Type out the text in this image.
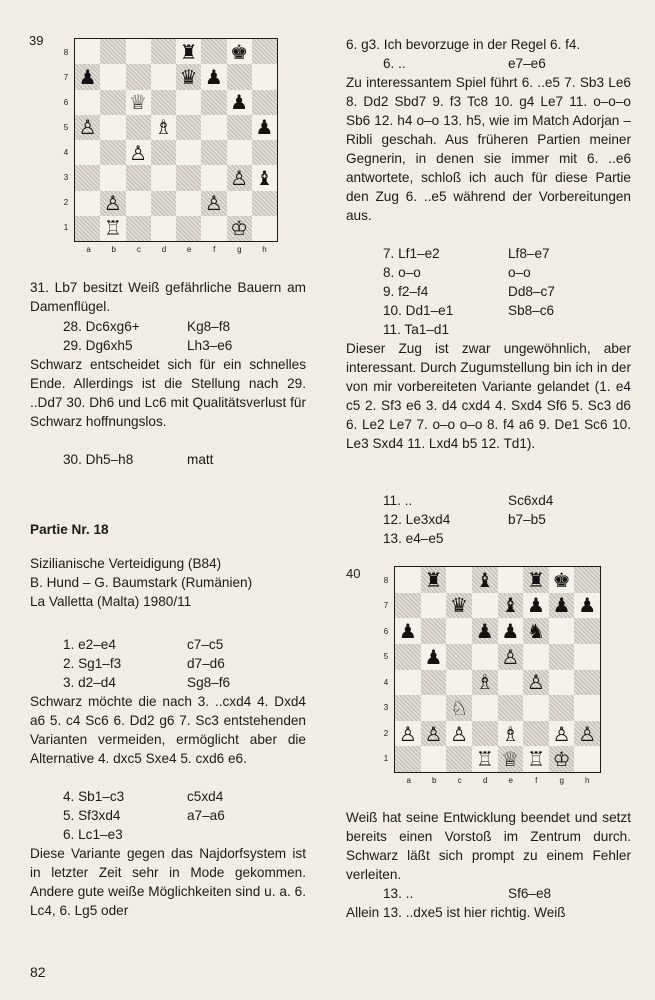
39	♜ ♚
♟	♛ ♟
♕	♟
♙	♗	♟
♙
♙ ♝
♙	♙
♖	♔
8
7
6
5
4
3
2
1
a	b	c	d	e	f	g	h

31. Lb7 besitzt Weiß gefährliche Bauern am Damenflügel.

28. Dc6xg6+	Kg8–f8
29. Dg6xh5	Lh3–e6

Schwarz entscheidet sich für ein schnelles Ende. Allerdings ist die Stellung nach 29. ..Dd7 30. Dh6 und Lc6 mit Qualitätsverlust für Schwarz hoffnungslos.

30. Dh5–h8	matt
Partie Nr. 18
Sizilianische Verteidigung (B84)
B. Hund – G. Baumstark (Rumänien)
La Valletta (Malta) 1980/11
1. e2–e4	c7–c5
2. Sg1–f3	d7–d6
3. d2–d4	Sg8–f6

Schwarz möchte die nach 3. ..cxd4 4. Dxd4 a6 5. c4 Sc6 6. Dd2 g6 7. Sc3 entstehenden Varianten vermeiden, ermöglicht aber die Alternative 4. dxc5 Sxe4 5. cxd6 e6.

4. Sb1–c3	c5xd4
5. Sf3xd4	a7–a6
6. Lc1–e3

Diese Variante gegen das Najdorfsystem ist in letzter Zeit sehr in Mode gekommen. Andere gute weiße Möglichkeiten sind u. a. 6. Lc4, 6. Lg5 oder

6. g3. Ich bevorzuge in der Regel 6. f4.

6. ..	e7–e6

Zu interessantem Spiel führt 6. ..e5 7. Sb3 Le6 8. Dd2 Sbd7 9. f3 Tc8 10. g4 Le7 11. o–o–o Sb6 12. h4 o–o 13. h5, wie im Match Adorjan – Ribli geschah. Aus früheren Partien meiner Gegnerin, in denen sie immer mit 6. ..e6 antwortete, schloß ich auch für diese Partie den Zug 6. ..e5 während der Vorbereitungen aus.

7. Lf1–e2	Lf8–e7
8. o–o	o–o
9. f2–f4	Dd8–c7
10. Dd1–e1	Sb8–c6
11. Ta1–d1

Dieser Zug ist zwar ungewöhnlich, aber interessant. Durch Zugumstellung bin ich in der von mir vorbereiteten Variante gelandet (1. e4 c5 2. Sf3 e6 3. d4 cxd4 4. Sxd4 Sf6 5. Sc3 d6 6. Le2 Le7 7. o–o o–o 8. f4 a6 9. De1 Sc6 10. Le3 Sxd4 11. Lxd4 b5 12. Td1).

11. ..	Sc6xd4
12. Le3xd4	b7–b5
13. e4–e5
40	♜ ♝ ♜ ♚
♛ ♝ ♟ ♟ ♟
♟	♟ ♟ ♞
♟	♙
♗ ♙
♘
♙ ♙ ♙ ♗ ♙ ♙
♖ ♕ ♖ ♔
8
7
6
5
4
3
2
1
a	b	c	d	e	f	g	h

Weiß hat seine Entwicklung beendet und setzt bereits einen Vorstoß im Zentrum durch. Schwarz läßt sich prompt zu einem Fehler verleiten.

13. ..	Sf6–e8

Allein 13. ..dxe5 ist hier richtig. Weiß

82
